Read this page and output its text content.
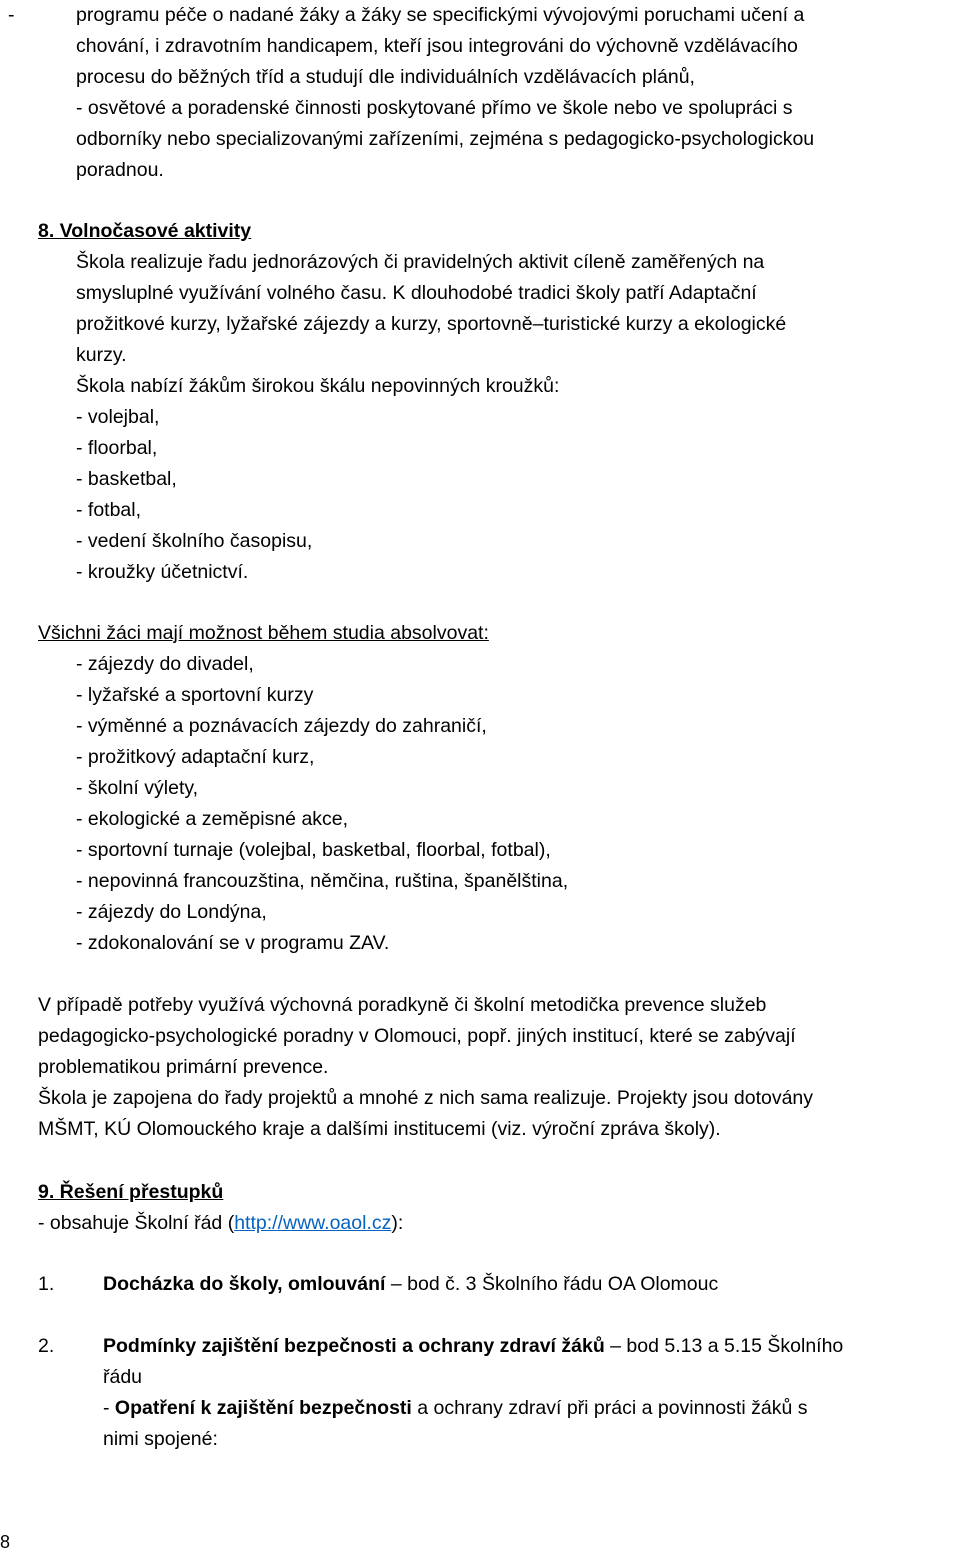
-	programu péče o nadané žáky a žáky se specifickými vývojovými poruchami učení a
chování, i zdravotním handicapem, kteří jsou integrováni do výchovně vzdělávacího
procesu do běžných tříd a studují dle individuálních vzdělávacích plánů,
- osvětové a poradenské činnosti poskytované přímo ve škole nebo ve spolupráci s
odborníky nebo specializovanými zařízeními, zejména s pedagogicko-psychologickou
poradnou.
8. Volnočasové aktivity
Škola realizuje řadu jednorázových či pravidelných aktivit cíleně zaměřených na
smysluplné využívání volného času. K dlouhodobé tradici školy patří Adaptační
prožitkové kurzy, lyžařské zájezdy a kurzy, sportovně–turistické kurzy a ekologické
kurzy.
Škola nabízí žákům širokou škálu nepovinných kroužků:
- volejbal,
- floorbal,
- basketbal,
- fotbal,
- vedení školního časopisu,
- kroužky účetnictví.
Všichni žáci mají možnost během studia absolvovat:
- zájezdy do divadel,
- lyžařské a sportovní kurzy
- výměnné a poznávacích zájezdy do zahraničí,
- prožitkový adaptační kurz,
- školní výlety,
- ekologické a zeměpisné akce,
- sportovní turnaje (volejbal, basketbal, floorbal, fotbal),
- nepovinná francouzština, němčina, ruština, španělština,
- zájezdy do Londýna,
- zdokonalování se v programu ZAV.
V případě potřeby využívá výchovná poradkyně či školní metodička prevence služeb
pedagogicko-psychologické poradny v Olomouci, popř. jiných institucí, které se zabývají
problematikou primární prevence.
Škola je zapojena do řady projektů a mnohé z nich sama realizuje. Projekty jsou dotovány
MŠMT, KÚ Olomouckého kraje a dalšími institucemi (viz. výroční zpráva školy).
9. Řešení přestupků
- obsahuje Školní řád (http://www.oaol.cz):
1. Docházka do školy, omlouvání – bod č. 3 Školního řádu OA Olomouc
2. Podmínky zajištění bezpečnosti a ochrany zdraví žáků – bod 5.13 a 5.15 Školního
řádu
- Opatření k zajištění bezpečnosti a ochrany zdraví při práci a povinnosti žáků s
nimi spojené:
8
